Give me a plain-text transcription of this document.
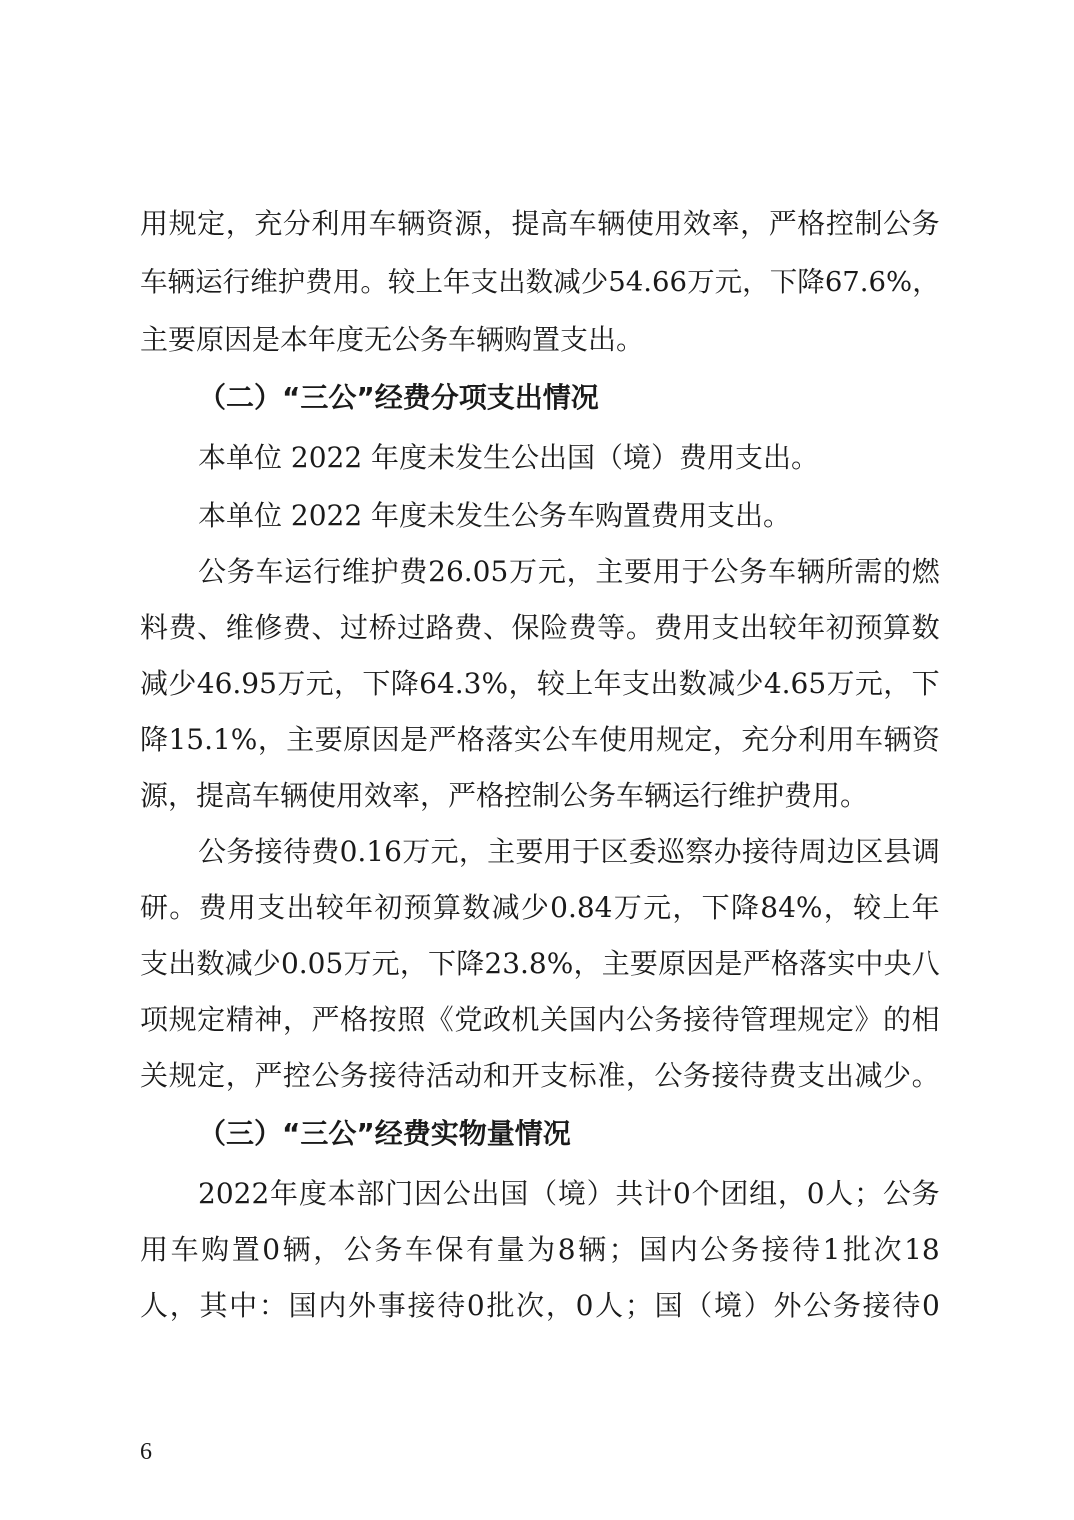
用 规 定 ， 充 分 利 用 车 辆 资 源 ， 提 高 车 辆 使 用 效 率 ， 严 格 控 制 公 务
车 辆 运 行 维 护 费 用 。 较 上 年 支 出 数 减 少 54.66 万 元 ， 下 降 67.6% ，
主要原因是本年度无公务车辆购置支出。
（二）“三公”经费分项支出情况
本单位 2022 年度未发生公出国（境）费用支出。
本单位 2022 年度未发生公务车购置费用支出。
公 务 车 运 行 维 护 费 26.05 万 元 ， 主 要 用 于 公 务 车 辆 所 需 的 燃
料 费 、 维 修 费 、 过 桥 过 路 费 、 保 险 费 等 。 费 用 支 出 较 年 初 预 算 数
减 少 46.95 万 元 ， 下 降 64.3% ， 较 上 年 支 出 数 减 少 4.65 万 元 ， 下
降 15.1% ， 主 要 原 因 是 严 格 落 实 公 车 使 用 规 定 ， 充 分 利 用 车 辆 资
源，提高车辆使用效率，严格控制公务车辆运行维护费用。
公 务 接 待 费 0.16 万 元 ， 主 要 用 于 区 委 巡 察 办 接 待 周 边 区 县 调
研 。 费 用 支 出 较 年 初 预 算 数 减 少 0.84 万 元 ， 下 降 84% ， 较 上 年
支 出 数 减 少 0.05 万 元 ， 下 降 23.8% ， 主 要 原 因 是 严 格 落 实 中 央 八
项 规 定 精 神 ， 严 格 按 照 《 党 政 机 关 国 内 公 务 接 待 管 理 规 定 》 的 相
关 规 定 ， 严 控 公 务 接 待 活 动 和 开 支 标 准 ， 公 务 接 待 费 支 出 减 少 。
（三）“三公”经费实物量情况
2022 年 度 本 部 门 因 公 出 国 （ 境 ） 共 计 0 个 团 组 ， 0 人 ； 公 务
用 车 购 置 0 辆 ， 公 务 车 保 有 量 为 8 辆 ； 国 内 公 务 接 待 1 批 次 18
人 ， 其 中 ： 国 内 外 事 接 待 0 批 次 ， 0 人 ； 国 （ 境 ） 外 公 务 接 待 0
6
